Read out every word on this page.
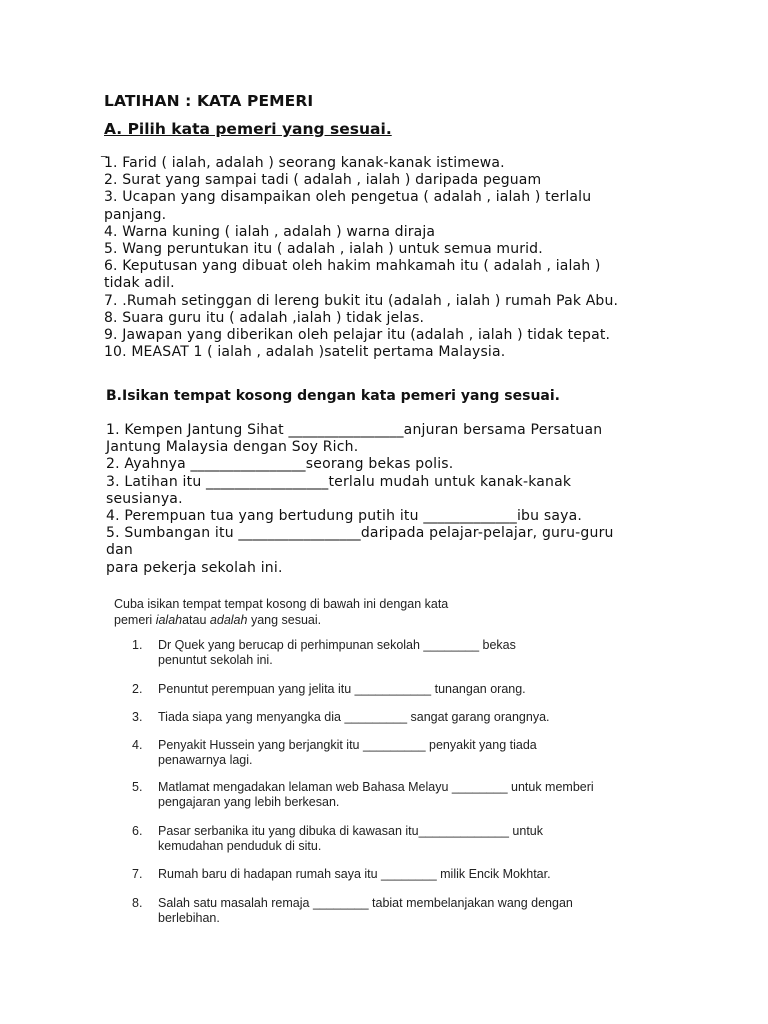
LATIHAN : KATA PEMERI
A. Pilih kata pemeri yang sesuai.
_

1. Farid ( ialah, adalah ) seorang kanak-kanak istimewa.

2. Surat yang sampai tadi ( adalah , ialah ) daripada peguam

3. Ucapan yang disampaikan oleh pengetua ( adalah , ialah ) terlalu

panjang.

4. Warna kuning ( ialah , adalah ) warna diraja

5. Wang peruntukan itu ( adalah , ialah ) untuk semua murid.

6. Keputusan yang dibuat oleh hakim mahkamah itu ( adalah , ialah )

tidak adil.

7. .Rumah setinggan di lereng bukit itu (adalah , ialah ) rumah Pak Abu.

8. Suara guru itu ( adalah ,ialah ) tidak jelas.

9. Jawapan yang diberikan oleh pelajar itu (adalah , ialah ) tidak tepat.

10. MEASAT 1 ( ialah , adalah )satelit pertama Malaysia.

B.Isikan tempat kosong dengan kata pemeri yang sesuai.

1. Kempen Jantung Sihat ________________anjuran bersama Persatuan

Jantung Malaysia dengan Soy Rich.

2. Ayahnya ________________seorang bekas polis.

3. Latihan itu _________________terlalu mudah untuk kanak-kanak

seusianya.

4. Perempuan tua yang bertudung putih itu _____________ibu saya.

5. Sumbangan itu _________________daripada pelajar-pelajar, guru-guru

dan

para pekerja sekolah ini.

Cuba isikan tempat tempat kosong di bawah ini dengan kata
pemeri ialahatau adalah yang sesuai.
1.	Dr Quek yang berucap di perhimpunan sekolah ________ bekas
penuntut sekolah ini.
2.	Penuntut perempuan yang jelita itu ___________ tunangan orang.
3.	Tiada siapa yang menyangka dia _________ sangat garang orangnya.
4.	Penyakit Hussein yang berjangkit itu _________ penyakit yang tiada
penawarnya lagi.
5.	Matlamat mengadakan lelaman web Bahasa Melayu ________ untuk memberi
pengajaran yang lebih berkesan.
6.	Pasar serbanika itu yang dibuka di kawasan itu_____________ untuk
kemudahan penduduk di situ.
7.	Rumah baru di hadapan rumah saya itu ________ milik Encik Mokhtar.
8.	Salah satu masalah remaja ________ tabiat membelanjakan wang dengan
berlebihan.
